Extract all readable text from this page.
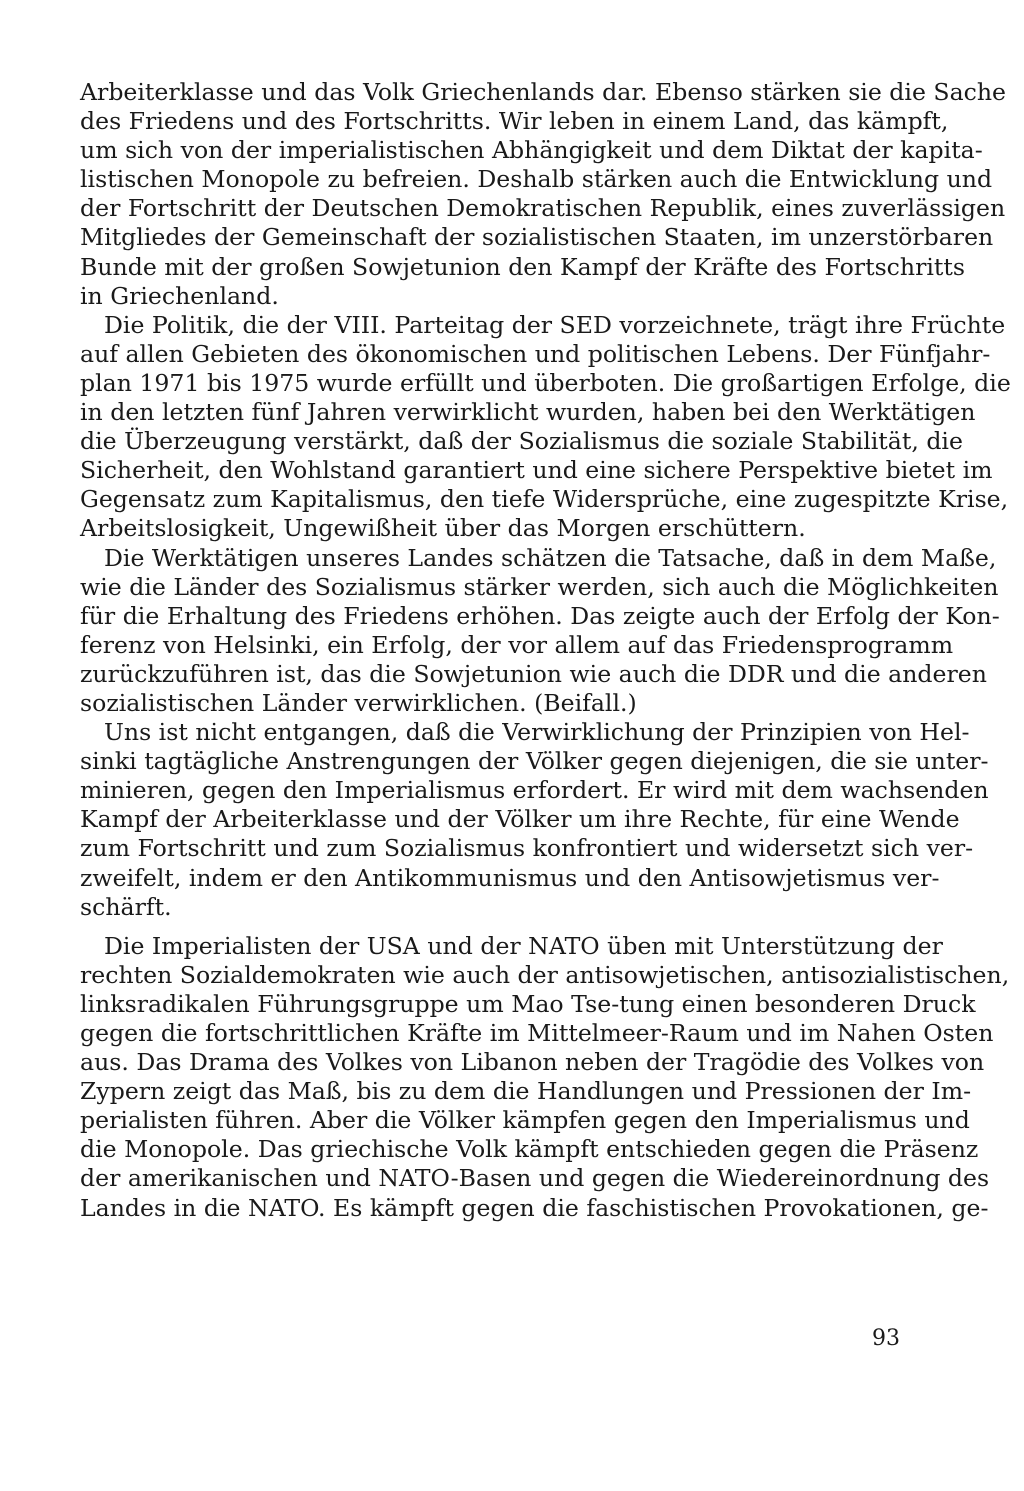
Arbeiterklasse und das Volk Griechenlands dar. Ebenso stärken sie die Sache
des Friedens und des Fortschritts. Wir leben in einem Land, das kämpft,
um sich von der imperialistischen Abhängigkeit und dem Diktat der kapita-
listischen Monopole zu befreien. Deshalb stärken auch die Entwicklung und
der Fortschritt der Deutschen Demokratischen Republik, eines zuverlässigen
Mitgliedes der Gemeinschaft der sozialistischen Staaten, im unzerstörbaren
Bunde mit der großen Sowjetunion den Kampf der Kräfte des Fortschritts
in Griechenland.
Die Politik, die der VIII. Parteitag der SED vorzeichnete, trägt ihre Früchte
auf allen Gebieten des ökonomischen und politischen Lebens. Der Fünfjahr-
plan 1971 bis 1975 wurde erfüllt und überboten. Die großartigen Erfolge, die
in den letzten fünf Jahren verwirklicht wurden, haben bei den Werktätigen
die Überzeugung verstärkt, daß der Sozialismus die soziale Stabilität, die
Sicherheit, den Wohlstand garantiert und eine sichere Perspektive bietet im
Gegensatz zum Kapitalismus, den tiefe Widersprüche, eine zugespitzte Krise,
Arbeitslosigkeit, Ungewißheit über das Morgen erschüttern.
Die Werktätigen unseres Landes schätzen die Tatsache, daß in dem Maße,
wie die Länder des Sozialismus stärker werden, sich auch die Möglichkeiten
für die Erhaltung des Friedens erhöhen. Das zeigte auch der Erfolg der Kon-
ferenz von Helsinki, ein Erfolg, der vor allem auf das Friedensprogramm
zurückzuführen ist, das die Sowjetunion wie auch die DDR und die anderen
sozialistischen Länder verwirklichen. (Beifall.)
Uns ist nicht entgangen, daß die Verwirklichung der Prinzipien von Hel-
sinki tagtägliche Anstrengungen der Völker gegen diejenigen, die sie unter-
minieren, gegen den Imperialismus erfordert. Er wird mit dem wachsenden
Kampf der Arbeiterklasse und der Völker um ihre Rechte, für eine Wende
zum Fortschritt und zum Sozialismus konfrontiert und widersetzt sich ver-
zweifelt, indem er den Antikommunismus und den Antisowjetismus ver-
schärft.
Die Imperialisten der USA und der NATO üben mit Unterstützung der
rechten Sozialdemokraten wie auch der antisowjetischen, antisozialistischen,
linksradikalen Führungsgruppe um Mao Tse-tung einen besonderen Druck
gegen die fortschrittlichen Kräfte im Mittelmeer-Raum und im Nahen Osten
aus. Das Drama des Volkes von Libanon neben der Tragödie des Volkes von
Zypern zeigt das Maß, bis zu dem die Handlungen und Pressionen der Im-
perialisten führen. Aber die Völker kämpfen gegen den Imperialismus und
die Monopole. Das griechische Volk kämpft entschieden gegen die Präsenz
der amerikanischen und NATO-Basen und gegen die Wiedereinordnung des
Landes in die NATO. Es kämpft gegen die faschistischen Provokationen, ge-
93
